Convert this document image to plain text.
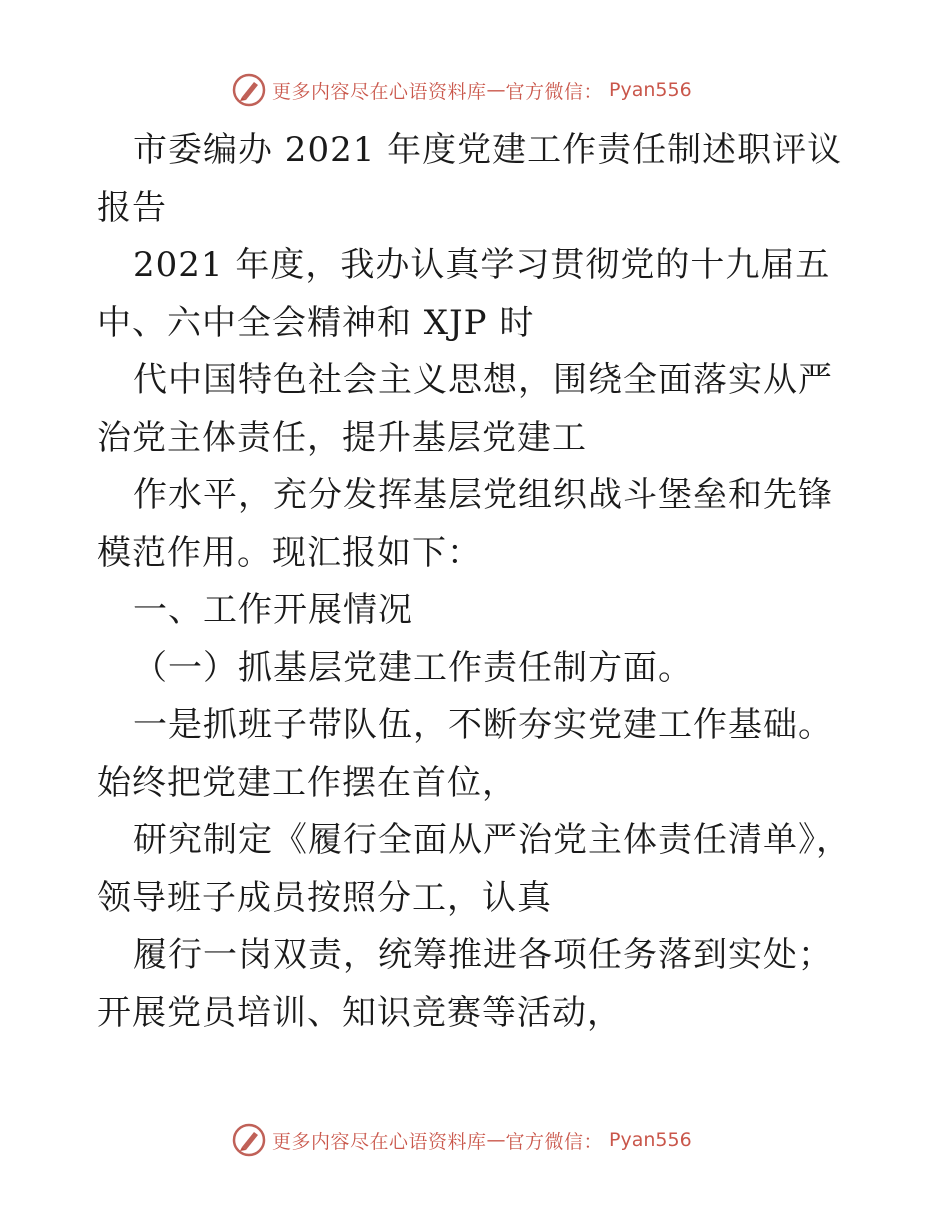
更多内容尽在心语资料库 — 官方微信： Pyan556

市委编办 2021 年度党建工作责任制述职评议报告

2021 年度，我办认真学习贯彻党的十九届五中、六中全会精神和 XJP 时

代中国特色社会主义思想，围绕全面落实从严治党主体责任，提升基层党建工

作水平，充分发挥基层党组织战斗堡垒和先锋模范作用。现汇报如下：

一、工作开展情况

（一）抓基层党建工作责任制方面。

一是抓班子带队伍，不断夯实党建工作基础。始终把党建工作摆在首位，

研究制定《履行全面从严治党主体责任清单》，领导班子成员按照分工，认真

履行一岗双责，统筹推进各项任务落到实处；开展党员培训、知识竞赛等活动，

更多内容尽在心语资料库 — 官方微信： Pyan556
